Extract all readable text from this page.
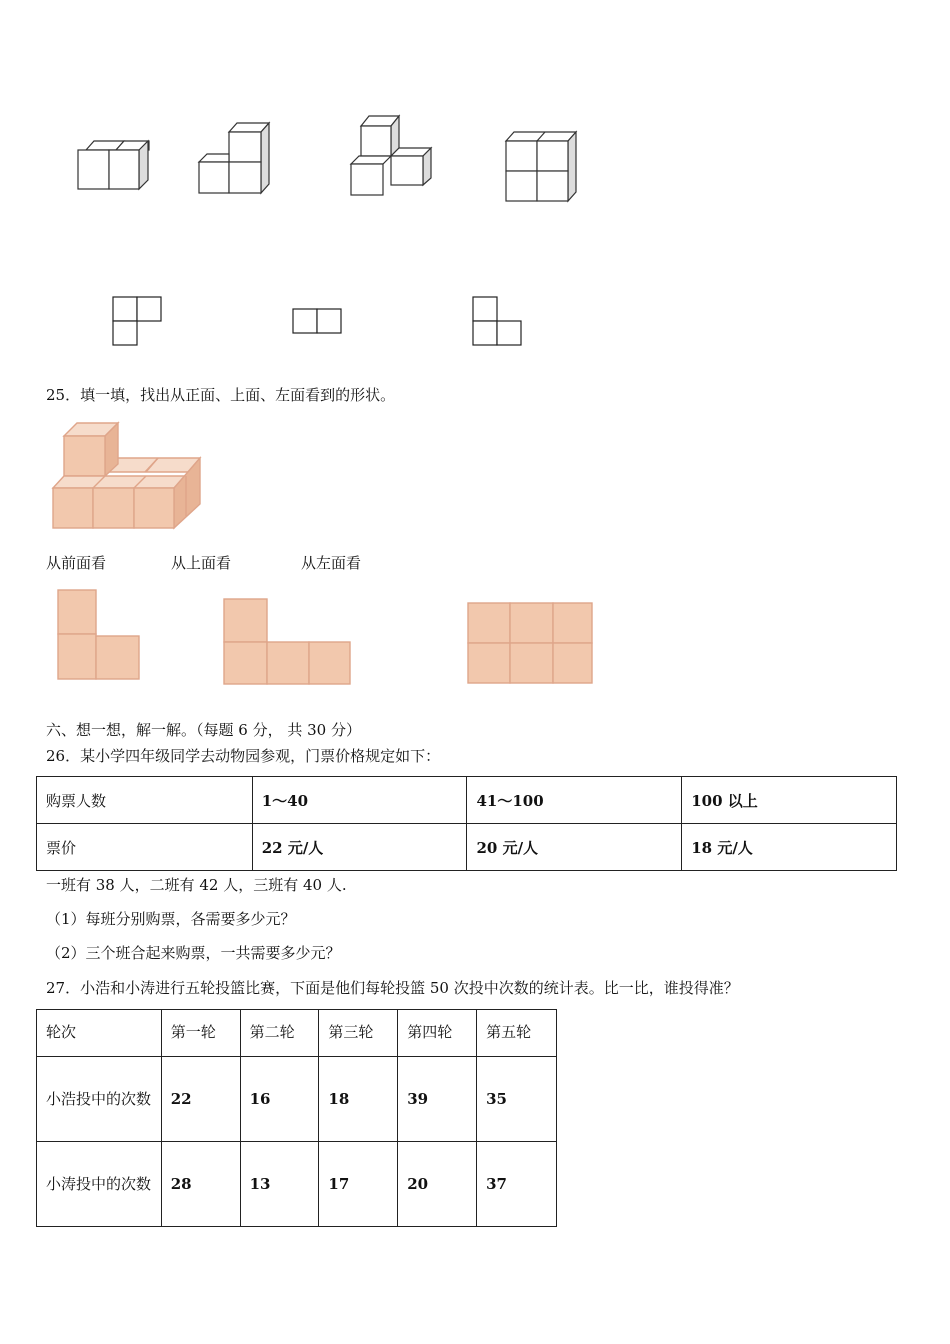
25．填一填，找出从正面、上面、左面看到的形状。
从前面看	从上面看	从左面看
六、想一想，解一解。（每题 6 分， 共 30 分）
26．某小学四年级同学去动物园参观，门票价格规定如下：
购票人数	1～40	41～100	100 以上
票价	22 元/人	20 元/人	18 元/人
一班有 38 人，二班有 42 人，三班有 40 人.
（1）每班分别购票，各需要多少元？
（2）三个班合起来购票，一共需要多少元？
27．小浩和小涛进行五轮投篮比赛，下面是他们每轮投篮 50 次投中次数的统计表。比一比，谁投得准？
轮次	第一轮	第二轮	第三轮	第四轮	第五轮
小浩投中的次数	22	16	18	39	35
小涛投中的次数	28	13	17	20	37
